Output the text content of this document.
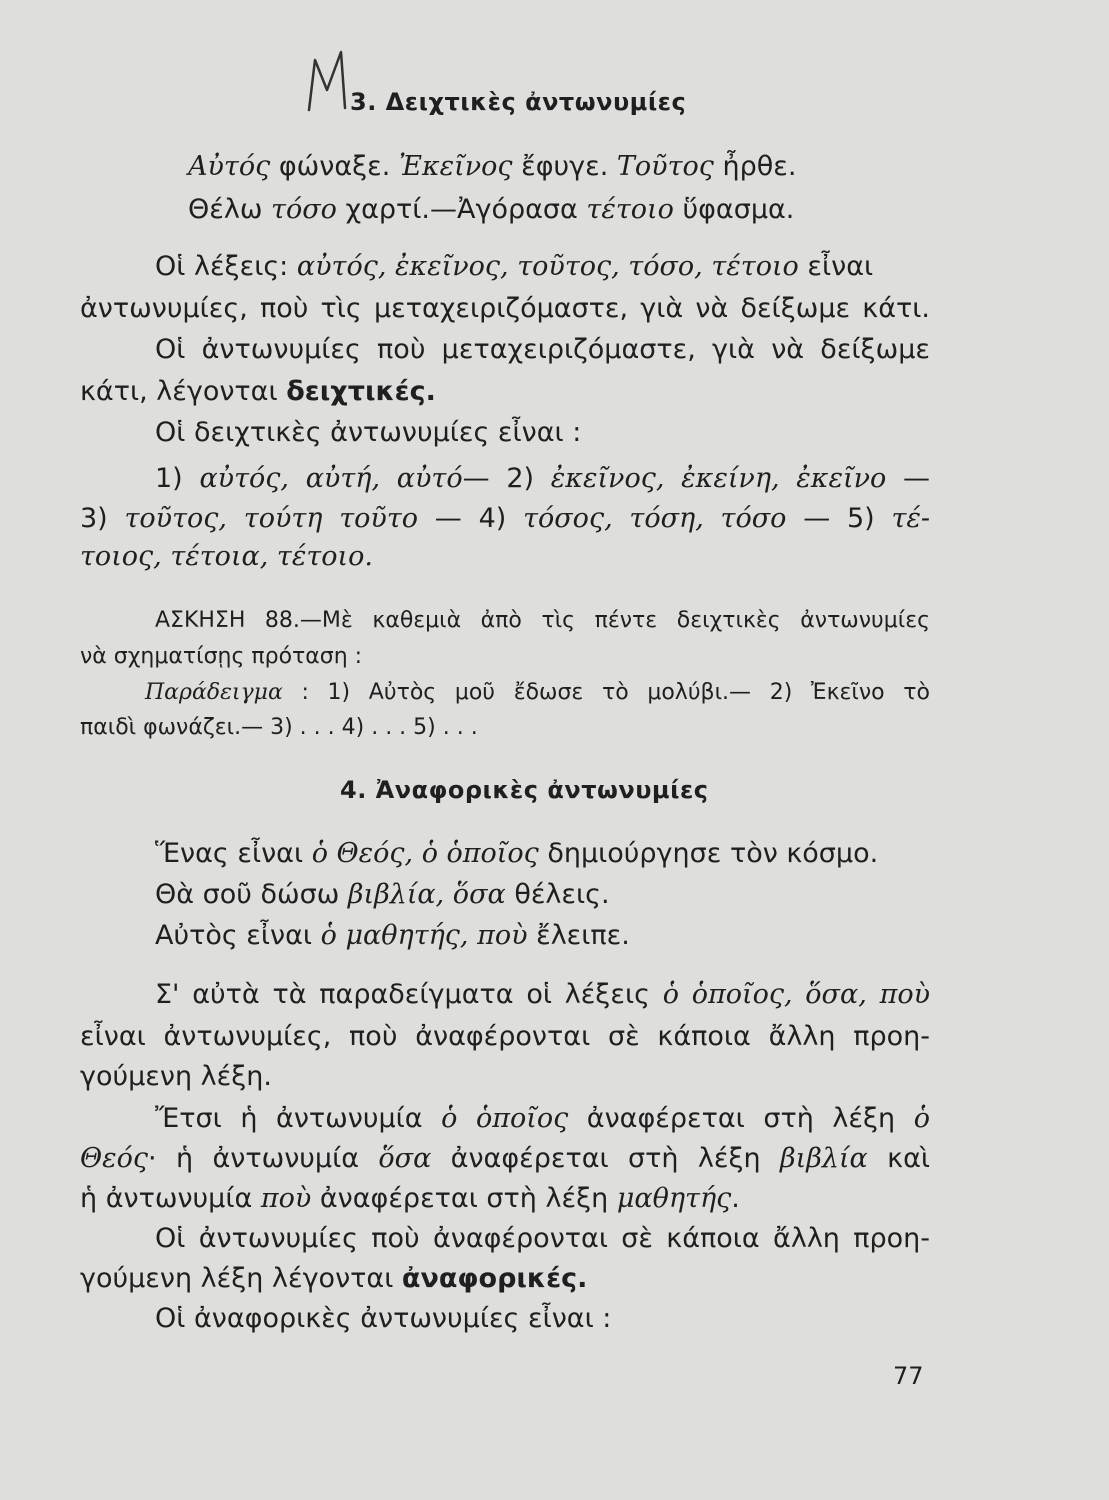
3. Δειχτικὲς ἀντωνυμίες
Αὐτός φώναξε. Ἐκεῖνος ἔφυγε. Τοῦτος ἦρθε.
Θέλω τόσο χαρτί.—Ἀγόρασα τέτοιο ὕφασμα.
Οἱ λέξεις: αὐτός, ἐκεῖνος, τοῦτος, τόσο, τέτοιο εἶναι
ἀντωνυμίες, ποὺ τὶς μεταχειριζόμαστε, γιὰ νὰ δείξωμε κάτι.
Οἱ ἀντωνυμίες ποὺ μεταχειριζόμαστε, γιὰ νὰ δείξωμε
κάτι, λέγονται δειχτικές.
Οἱ δειχτικὲς ἀντωνυμίες εἶναι :
1) αὐτός, αὐτή, αὐτό— 2) ἐκεῖνος, ἐκείνη, ἐκεῖνο —
3) τοῦτος, τούτη τοῦτο — 4) τόσος, τόση, τόσο — 5) τέ-
τοιος, τέτοια, τέτοιο.
ΑΣΚΗΣΗ 88.—Μὲ καθεμιὰ ἀπὸ τὶς πέντε δειχτικὲς ἀντωνυμίες
νὰ σχηματίσῃς πρόταση :
Παράδειγμα : 1) Αὐτὸς μοῦ ἔδωσε τὸ μολύβι.— 2) Ἐκεῖνο τὸ
παιδὶ φωνάζει.— 3) . . . 4) . . . 5) . . .
4. Ἀναφορικὲς ἀντωνυμίες
Ἕνας εἶναι ὁ Θεός, ὁ ὁποῖος δημιούργησε τὸν κόσμο.
Θὰ σοῦ δώσω βιβλία, ὅσα θέλεις.
Αὐτὸς εἶναι ὁ μαθητής, ποὺ ἔλειπε.
Σ' αὐτὰ τὰ παραδείγματα οἱ λέξεις ὁ ὁποῖος, ὅσα, ποὺ
εἶναι ἀντωνυμίες, ποὺ ἀναφέρονται σὲ κάποια ἄλλη προη-
γούμενη λέξη.
Ἔτσι ἡ ἀντωνυμία ὁ ὁποῖος ἀναφέρεται στὴ λέξη ὁ
Θεός· ἡ ἀντωνυμία ὅσα ἀναφέρεται στὴ λέξη βιβλία καὶ
ἡ ἀντωνυμία ποὺ ἀναφέρεται στὴ λέξη μαθητής.
Οἱ ἀντωνυμίες ποὺ ἀναφέρονται σὲ κάποια ἄλλη προη-
γούμενη λέξη λέγονται ἀναφορικές.
Οἱ ἀναφορικὲς ἀντωνυμίες εἶναι :
77
